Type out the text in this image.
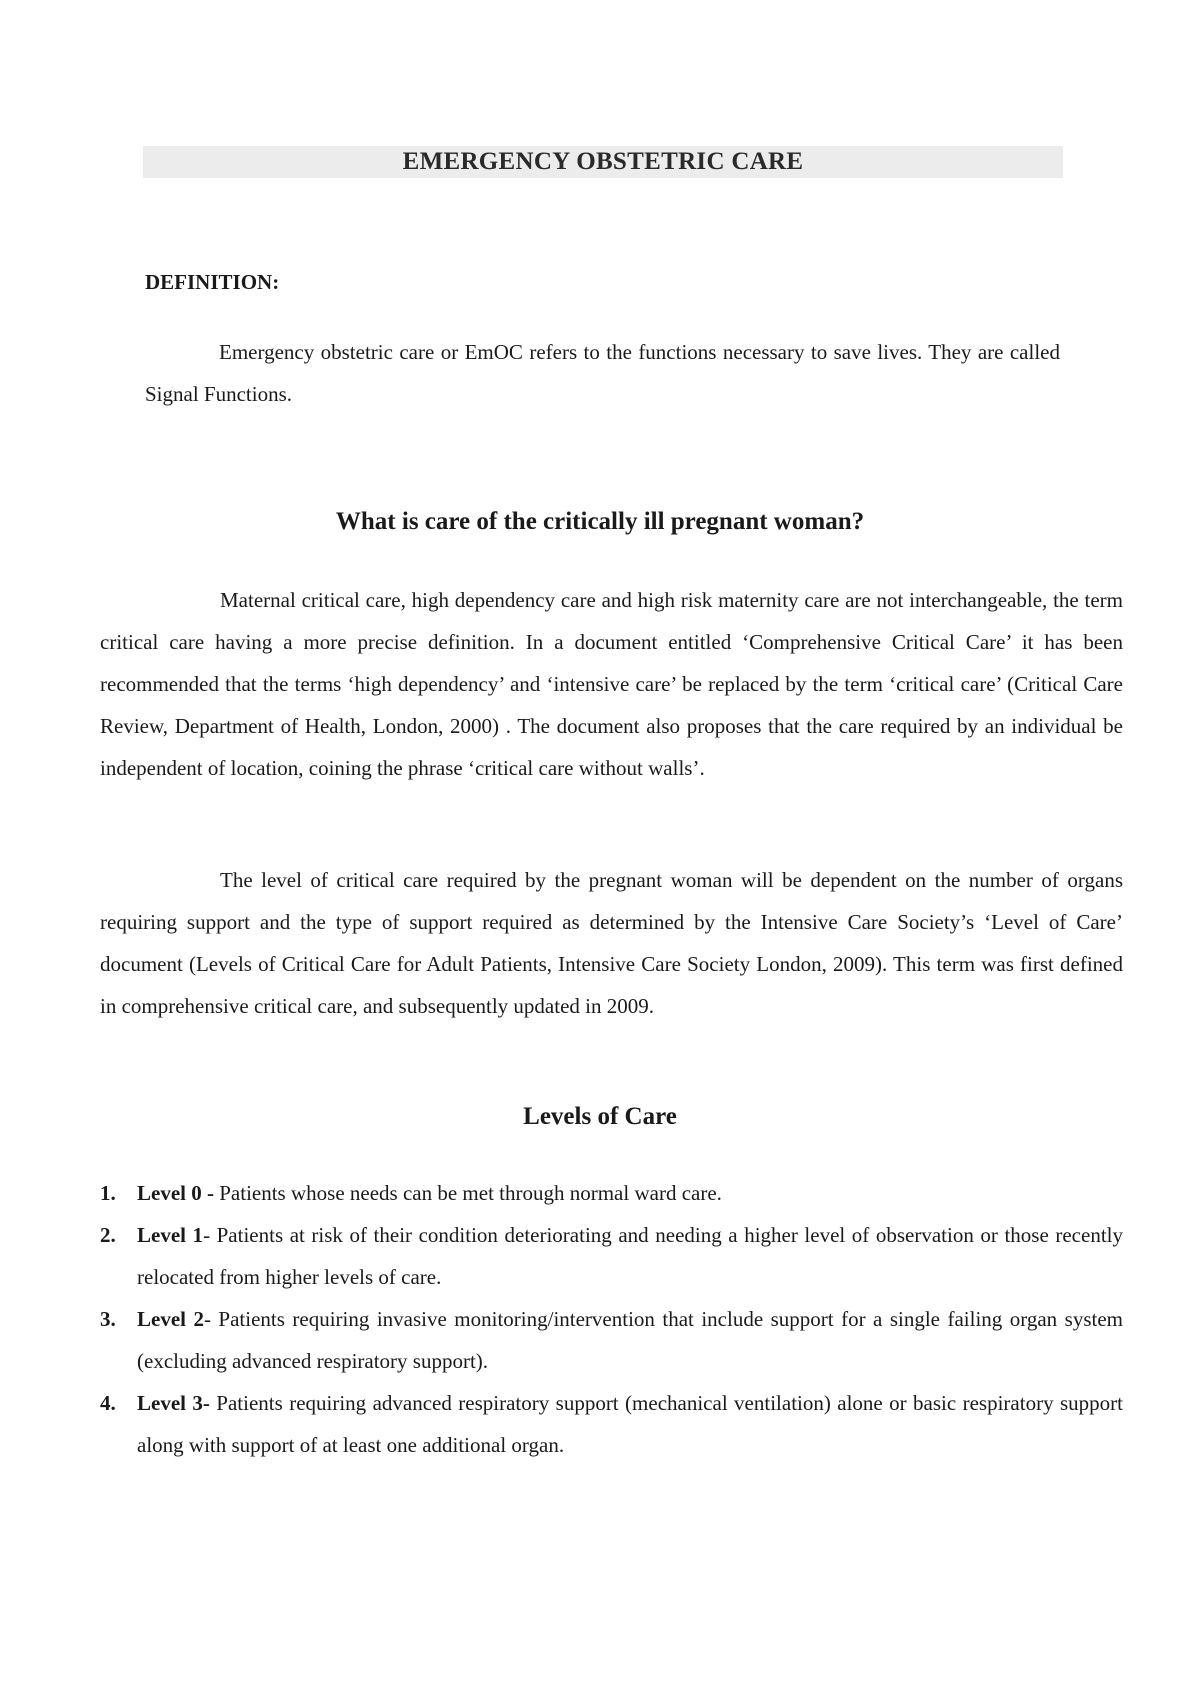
EMERGENCY OBSTETRIC CARE
DEFINITION:

Emergency obstetric care or EmOC refers to the functions necessary to save lives. They are called Signal Functions.

What is care of the critically ill pregnant woman?

Maternal critical care, high dependency care and high risk maternity care are not interchangeable, the term critical care having a more precise definition. In a document entitled ‘Comprehensive Critical Care’ it has been recommended that the terms ‘high dependency’ and ‘intensive care’ be replaced by the term ‘critical care’ (Critical Care Review, Department of Health, London, 2000) . The document also proposes that the care required by an individual be independent of location, coining the phrase ‘critical care without walls’.

The level of critical care required by the pregnant woman will be dependent on the number of organs requiring support and the type of support required as determined by the Intensive Care Society’s ‘Level of Care’ document (Levels of Critical Care for Adult Patients, Intensive Care Society London, 2009). This term was first defined in comprehensive critical care, and subsequently updated in 2009.

Levels of Care
1. Level 0 - Patients whose needs can be met through normal ward care.
2. Level 1- Patients at risk of their condition deteriorating and needing a higher level of observation or those recently relocated from higher levels of care.
3. Level 2- Patients requiring invasive monitoring/intervention that include support for a single failing organ system (excluding advanced respiratory support).
4. Level 3- Patients requiring advanced respiratory support (mechanical ventilation) alone or basic respiratory support along with support of at least one additional organ.
